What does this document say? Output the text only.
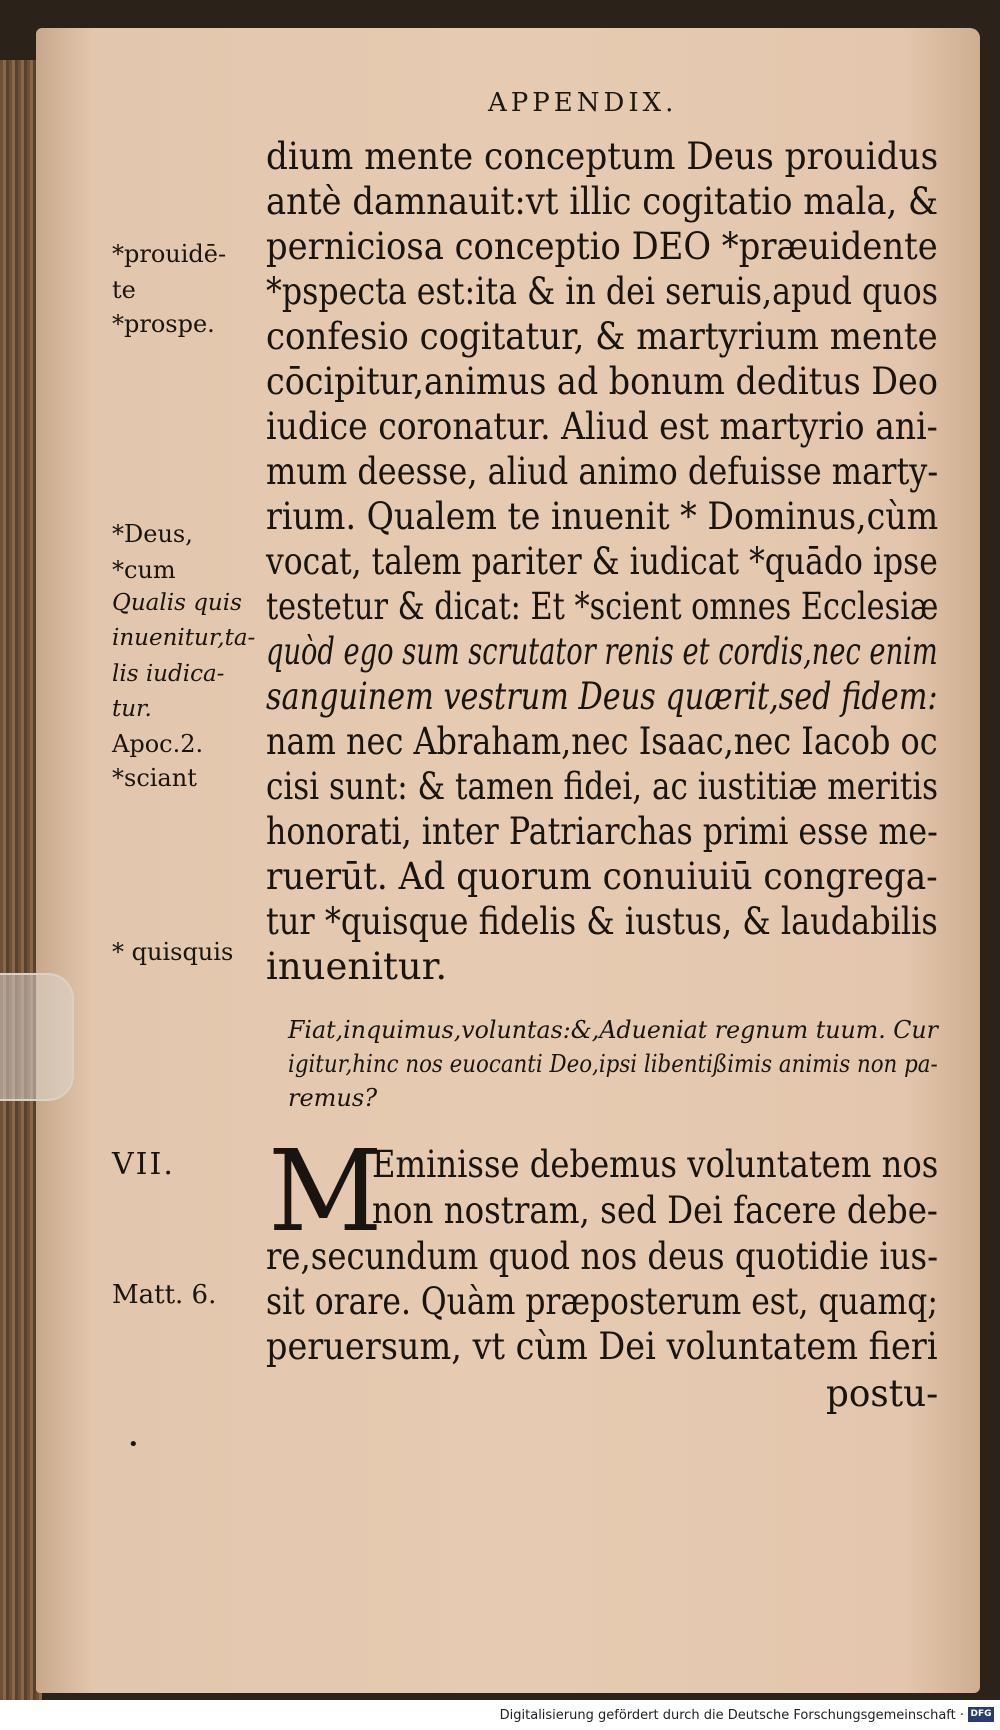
APPENDIX.
dium mente conceptum Deus prouidus
antè damnauit:vt illic cogitatio mala, &
perniciosa conceptio DEO *præuidente
*pspecta est:ita & in dei seruis,apud quos
confesio cogitatur, & martyrium mente
cōcipitur,animus ad bonum deditus Deo
iudice coronatur. Aliud est martyrio ani-
mum deesse, aliud animo defuisse marty-
rium. Qualem te inuenit * Dominus,cùm
vocat, talem pariter & iudicat *quādo ipse
testetur & dicat: Et *scient omnes Ecclesiæ
quòd ego sum scrutator renis et cordis,nec enim
sanguinem vestrum Deus quærit,sed fidem:
nam nec Abraham,nec Isaac,nec Iacob oc
cisi sunt: & tamen fidei, ac iustitiæ meritis
honorati, inter Patriarchas primi esse me-
ruerūt. Ad quorum conuiuiū congrega-
tur *quisque fidelis & iustus, & laudabilis
inuenitur.
*prouidē-
te
*prospe.
*Deus,
*cum
Qualis quis
inuenitur,ta-
lis iudica-
tur.
Apoc.2.
*sciant
* quisquis
Fiat,inquimus,voluntas:&,Adueniat regnum tuum. Cur
igitur,hinc nos euocanti Deo,ipsi libentißimis animis non pa-
remus?
VII.
Matt. 6.
M
Eminisse debemus voluntatem nos
non nostram, sed Dei facere debe-
re,secundum quod nos deus quotidie ius-
sit orare. Quàm præposterum est, quamq;
peruersum, vt cùm Dei voluntatem fieri
postu-
•
Digitalisierung gefördert durch die Deutsche Forschungsgemeinschaft · DFG
